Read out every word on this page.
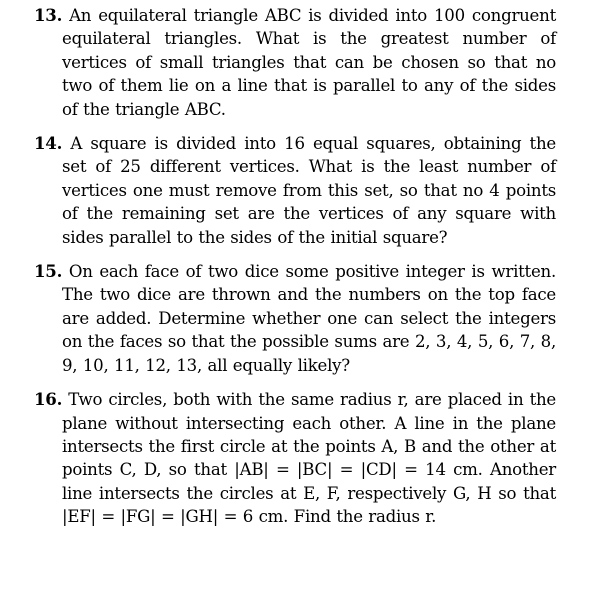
13. An equilateral triangle ABC is divided into 100 congruent equilateral triangles. What is the greatest number of vertices of small triangles that can be chosen so that no two of them lie on a line that is parallel to any of the sides of the triangle ABC.

14. A square is divided into 16 equal squares, obtaining the set of 25 different vertices. What is the least number of vertices one must remove from this set, so that no 4 points of the remaining set are the vertices of any square with sides parallel to the sides of the initial square?

15. On each face of two dice some positive integer is written. The two dice are thrown and the numbers on the top face are added. Determine whether one can select the integers on the faces so that the possible sums are 2, 3, 4, 5, 6, 7, 8, 9, 10, 11, 12, 13, all equally likely?

16. Two circles, both with the same radius r, are placed in the plane without intersecting each other. A line in the plane intersects the first circle at the points A, B and the other at points C, D, so that |AB| = |BC| = |CD| = 14 cm. Another line intersects the circles at E, F, respectively G, H so that |EF| = |FG| = |GH| = 6 cm. Find the radius r.
